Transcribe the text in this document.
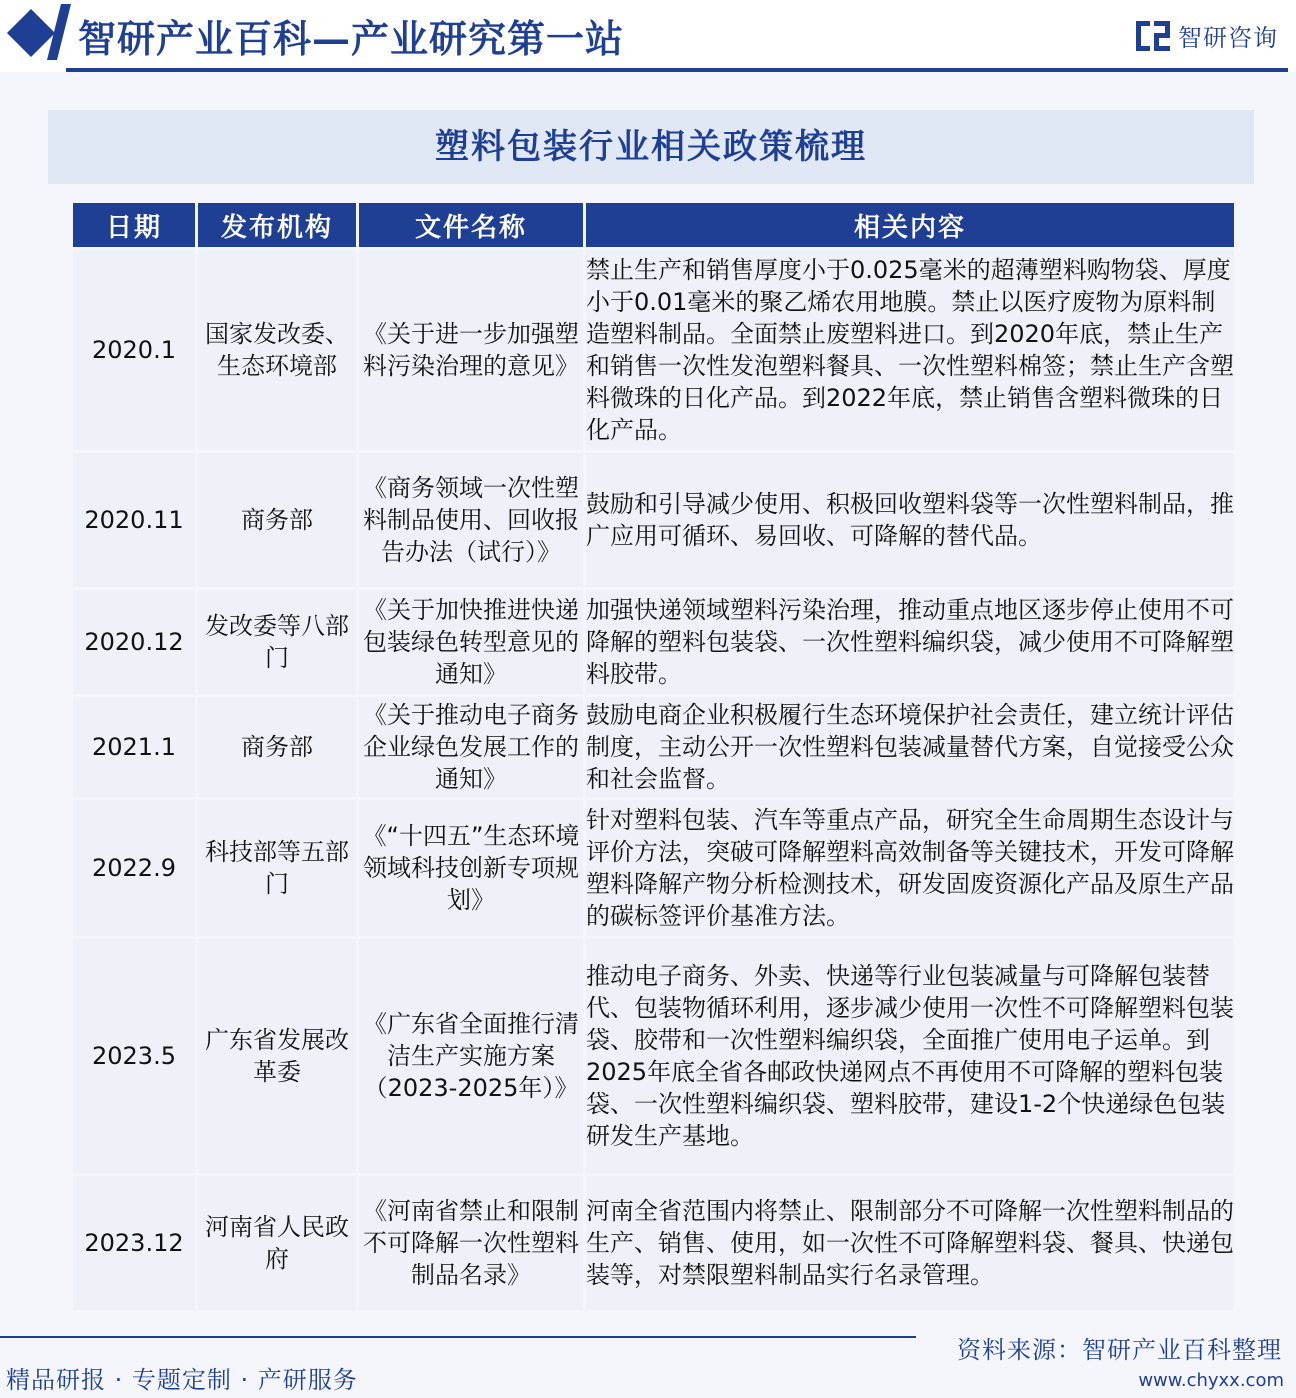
智研产业百科—产业研究第一站	智研咨询
塑料包装行业相关政策梳理
日期	发布机构	文件名称	相关内容
2020.1	国家发改委、生态环境部	《关于进一步加强塑料污染治理的意见》	禁止生产和销售厚度小于0.025毫米的超薄塑料购物袋、厚度小于0.01毫米的聚乙烯农用地膜。禁止以医疗废物为原料制造塑料制品。全面禁止废塑料进口。到2020年底，禁止生产和销售一次性发泡塑料餐具、一次性塑料棉签；禁止生产含塑料微珠的日化产品。到2022年底，禁止销售含塑料微珠的日化产品。
2020.11	商务部	《商务领域一次性塑料制品使用、回收报告办法（试行）》	鼓励和引导减少使用、积极回收塑料袋等一次性塑料制品，推广应用可循环、易回收、可降解的替代品。
2020.12	发改委等八部门	《关于加快推进快递包装绿色转型意见的通知》	加强快递领域塑料污染治理，推动重点地区逐步停止使用不可降解的塑料包装袋、一次性塑料编织袋，减少使用不可降解塑料胶带。
2021.1	商务部	《关于推动电子商务企业绿色发展工作的通知》	鼓励电商企业积极履行生态环境保护社会责任，建立统计评估制度，主动公开一次性塑料包装减量替代方案，自觉接受公众和社会监督。
2022.9	科技部等五部门	《“十四五”生态环境领域科技创新专项规划》	针对塑料包装、汽车等重点产品，研究全生命周期生态设计与评价方法，突破可降解塑料高效制备等关键技术，开发可降解塑料降解产物分析检测技术，研发固废资源化产品及原生产品的碳标签评价基准方法。
2023.5	广东省发展改革委	《广东省全面推行清洁生产实施方案（2023-2025年）》	推动电子商务、外卖、快递等行业包装减量与可降解包装替代、包装物循环利用，逐步减少使用一次性不可降解塑料包装袋、胶带和一次性塑料编织袋，全面推广使用电子运单。到2025年底全省各邮政快递网点不再使用不可降解的塑料包装袋、一次性塑料编织袋、塑料胶带，建设1-2个快递绿色包装研发生产基地。
2023.12	河南省人民政府	《河南省禁止和限制不可降解一次性塑料制品名录》	河南全省范围内将禁止、限制部分不可降解一次性塑料制品的生产、销售、使用，如一次性不可降解塑料袋、餐具、快递包装等，对禁限塑料制品实行名录管理。
资料来源：智研产业百科整理
精品研报 · 专题定制 · 产研服务	www.chyxx.com
